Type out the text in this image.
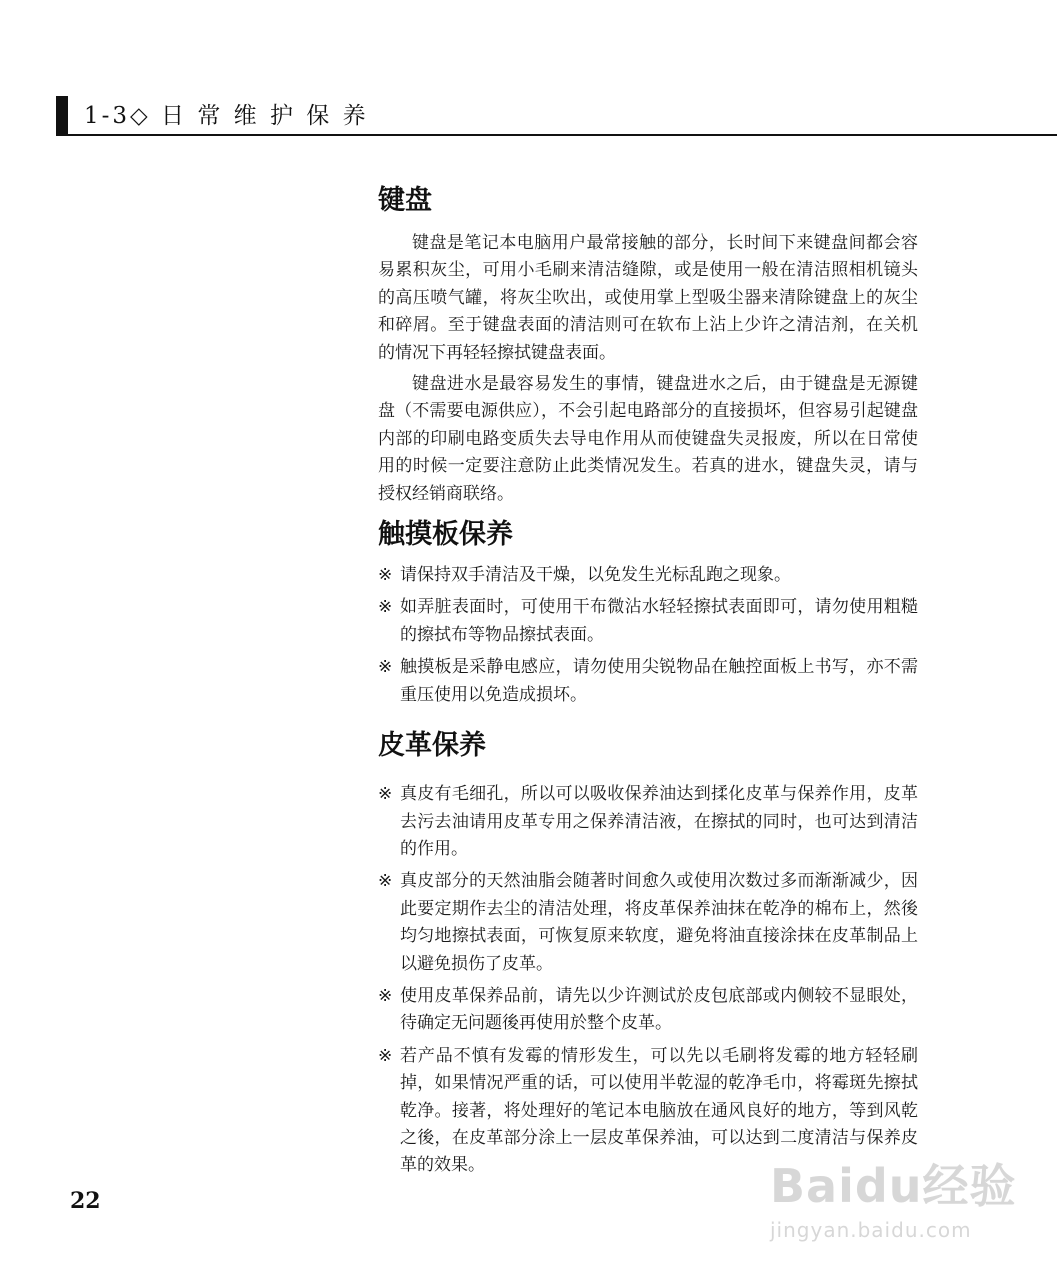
1-3◇ 日 常 维 护 保 养
键盘

键盘是笔记本电脑用户最常接触的部分，长时间下来键盘间都会容易累积灰尘，可用小毛刷来清洁缝隙，或是使用一般在清洁照相机镜头的高压喷气罐，将灰尘吹出，或使用掌上型吸尘器来清除键盘上的灰尘和碎屑。至于键盘表面的清洁则可在软布上沾上少许之清洁剂，在关机的情况下再轻轻擦拭键盘表面。

键盘进水是最容易发生的事情，键盘进水之后，由于键盘是无源键盘（不需要电源供应），不会引起电路部分的直接损坏，但容易引起键盘内部的印刷电路变质失去导电作用从而使键盘失灵报废，所以在日常使用的时候一定要注意防止此类情况发生。若真的进水，键盘失灵，请与授权经销商联络。

触摸板保养
※ 请保持双手清洁及干燥，以免发生光标乱跑之现象。
※ 如弄脏表面时，可使用干布微沾水轻轻擦拭表面即可，请勿使用粗糙的擦拭布等物品擦拭表面。
※ 触摸板是采静电感应，请勿使用尖锐物品在触控面板上书写，亦不需重压使用以免造成损坏。
皮革保养
※ 真皮有毛细孔，所以可以吸收保养油达到揉化皮革与保养作用，皮革去污去油请用皮革专用之保养清洁液，在擦拭的同时，也可达到清洁的作用。
※ 真皮部分的天然油脂会随著时间愈久或使用次数过多而渐渐减少，因此要定期作去尘的清洁处理，将皮革保养油抹在乾净的棉布上，然後均匀地擦拭表面，可恢复原来软度，避免将油直接涂抹在皮革制品上以避免损伤了皮革。
※ 使用皮革保养品前，请先以少许测试於皮包底部或内侧较不显眼处，待确定无问题後再使用於整个皮革。
※ 若产品不慎有发霉的情形发生，可以先以毛刷将发霉的地方轻轻刷掉，如果情况严重的话，可以使用半乾湿的乾净毛巾，将霉斑先擦拭乾净。接著，将处理好的笔记本电脑放在通风良好的地方，等到风乾之後，在皮革部分涂上一层皮革保养油，可以达到二度清洁与保养皮革的效果。
22	Baidu经验
jingyan.baidu.com
